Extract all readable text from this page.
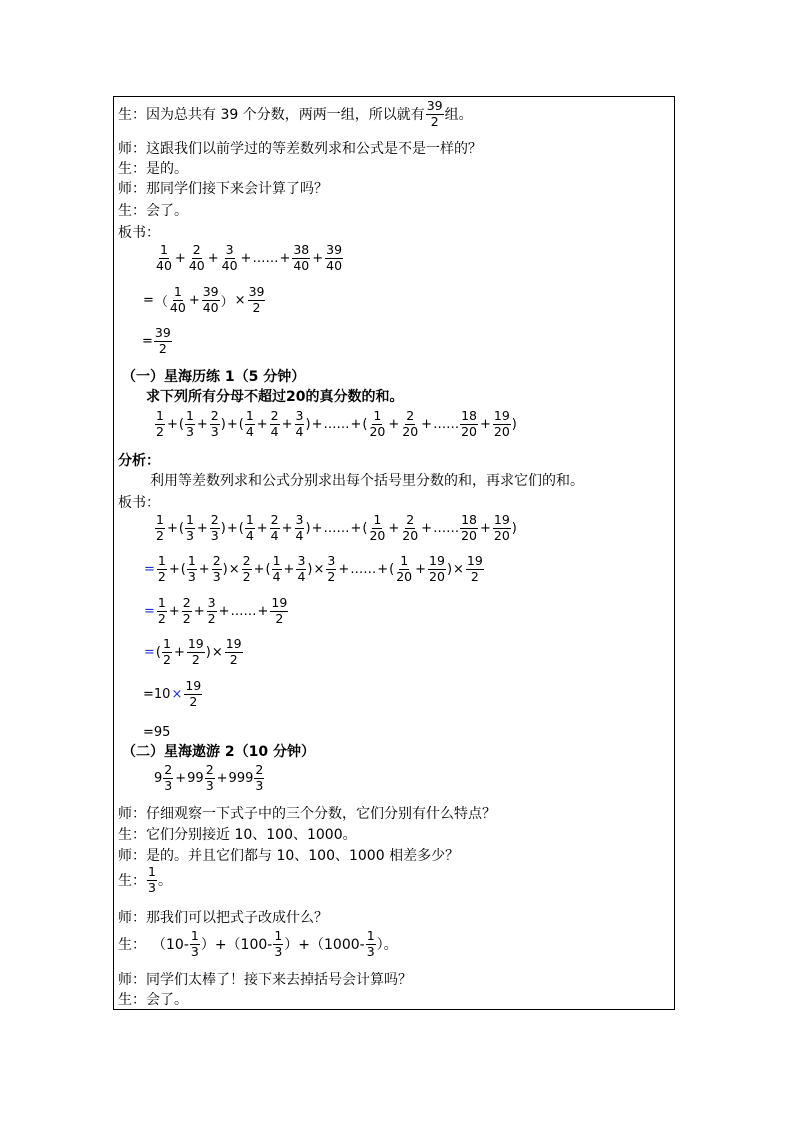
生：因为总共有 39 个分数，两两一组，所以就有 $\frac{39}{2}$ 组。
师：这跟我们以前学过的等差数列求和公式是不是一样的？
生：是的。
师：那同学们接下来会计算了吗？
生：会了。
板书：
$\frac{1}{40} + \frac{2}{40} + \frac{3}{40}$ + …… + $\frac{38}{40} + \frac{39}{40}$
= （ $\frac{1}{40} + \frac{39}{40}$ ） × $\frac{39}{2}$
= $\frac{39}{2}$
（一）星海历练 1（5 分钟）
求下列所有分母不超过20的真分数的和。
$\frac{1}{2}$ + ( $\frac{1}{3} + \frac{2}{3}$ ) + ( $\frac{1}{4} + \frac{2}{4} + \frac{3}{4}$ ) + …… + ( $\frac{1}{20} + \frac{2}{20}$ + …… $\frac{18}{20} + \frac{19}{20}$ )
分析：
利用等差数列求和公式分别求出每个括号里分数的和，再求它们的和。
板书：
$\frac{1}{2}$ + ( $\frac{1}{3} + \frac{2}{3}$ ) + ( $\frac{1}{4} + \frac{2}{4} + \frac{3}{4}$ ) + …… + ( $\frac{1}{20} + \frac{2}{20}$ + …… $\frac{18}{20} + \frac{19}{20}$ )
= $\frac{1}{2}$ + ( $\frac{1}{3} + \frac{2}{3}$ ) × $\frac{2}{2}$ + ( $\frac{1}{4} + \frac{3}{4}$ ) × $\frac{3}{2}$ + …… + ( $\frac{1}{20} + \frac{19}{20}$ ) × $\frac{19}{2}$
= $\frac{1}{2} + \frac{2}{2} + \frac{3}{2}$ + …… + $\frac{19}{2}$
= ( $\frac{1}{2} + \frac{19}{2}$ ) × $\frac{19}{2}$
$=10 \times \frac{19}{2}$
=95
（二）星海遨游 2（10 分钟）
$9 \frac{2}{3} + 99 \frac{2}{3} + 999 \frac{2}{3}$
师：仔细观察一下式子中的三个分数，它们分别有什么特点？
生：它们分别接近 10、100、1000。
师：是的。并且它们都与 10、100、1000 相差多少？
生： $\frac{1}{3}$ 。
师：那我们可以把式子改成什么？
生： $(10- \frac{1}{3} )+(100- \frac{1}{3} )+(1000- \frac{1}{3}$ ）。
师：同学们太棒了！接下来去掉括号会计算吗？
生：会了。
